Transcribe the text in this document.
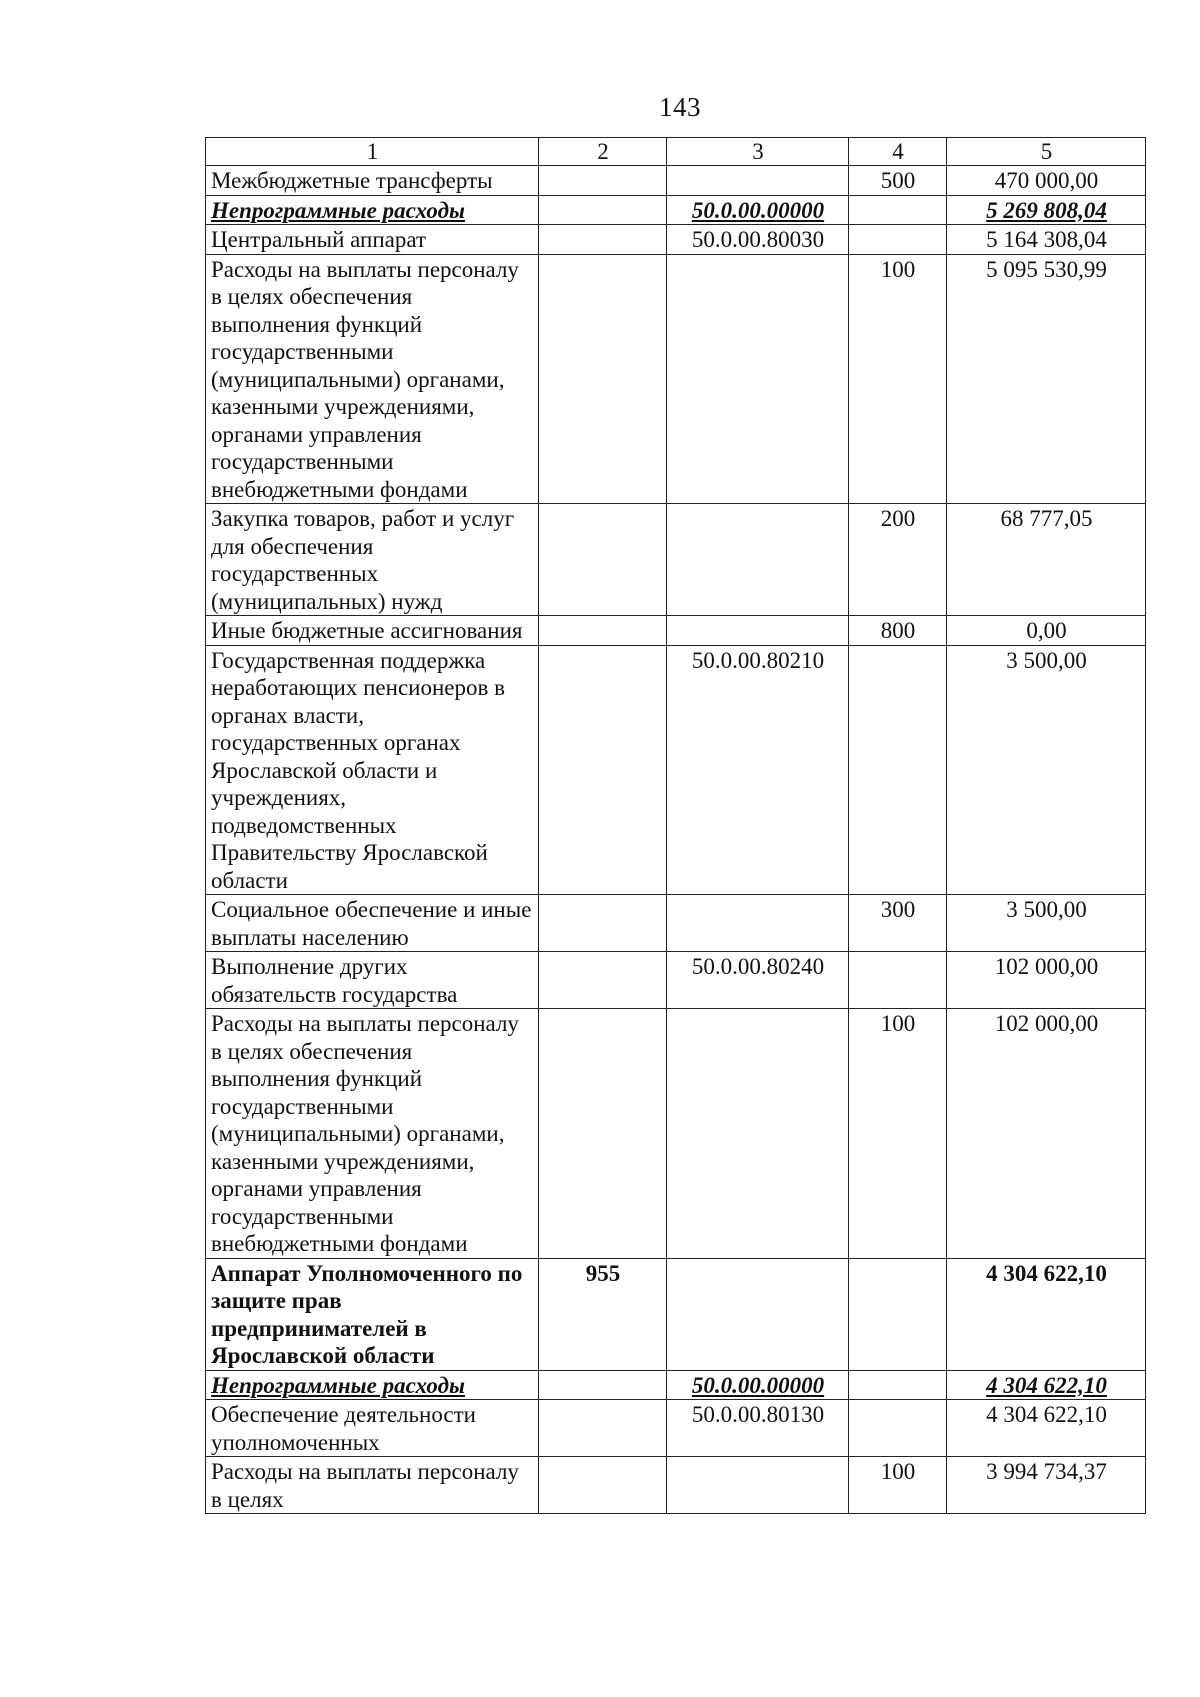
143
1	2	3	4	5
Межбюджетные трансферты			500	470 000,00
Непрограммные расходы		50.0.00.00000		5 269 808,04
Центральный аппарат		50.0.00.80030		5 164 308,04
Расходы на выплаты персоналу в целях обеспечения выполнения функций государственными (муниципальными) органами, казенными учреждениями, органами управления государственными внебюджетными фондами			100	5 095 530,99
Закупка товаров, работ и услуг для обеспечения государственных (муниципальных) нужд			200	68 777,05
Иные бюджетные ассигнования			800	0,00
Государственная поддержка неработающих пенсионеров в органах власти, государственных органах Ярославской области и учреждениях, подведомственных Правительству Ярославской области		50.0.00.80210		3 500,00
Социальное обеспечение и иные выплаты населению			300	3 500,00
Выполнение других обязательств государства		50.0.00.80240		102 000,00
Расходы на выплаты персоналу в целях обеспечения выполнения функций государственными (муниципальными) органами, казенными учреждениями, органами управления государственными внебюджетными фондами			100	102 000,00
Аппарат Уполномоченного по защите прав предпринимателей в Ярославской области	955			4 304 622,10
Непрограммные расходы		50.0.00.00000		4 304 622,10
Обеспечение деятельности уполномоченных		50.0.00.80130		4 304 622,10
Расходы на выплаты персоналу в целях			100	3 994 734,37
